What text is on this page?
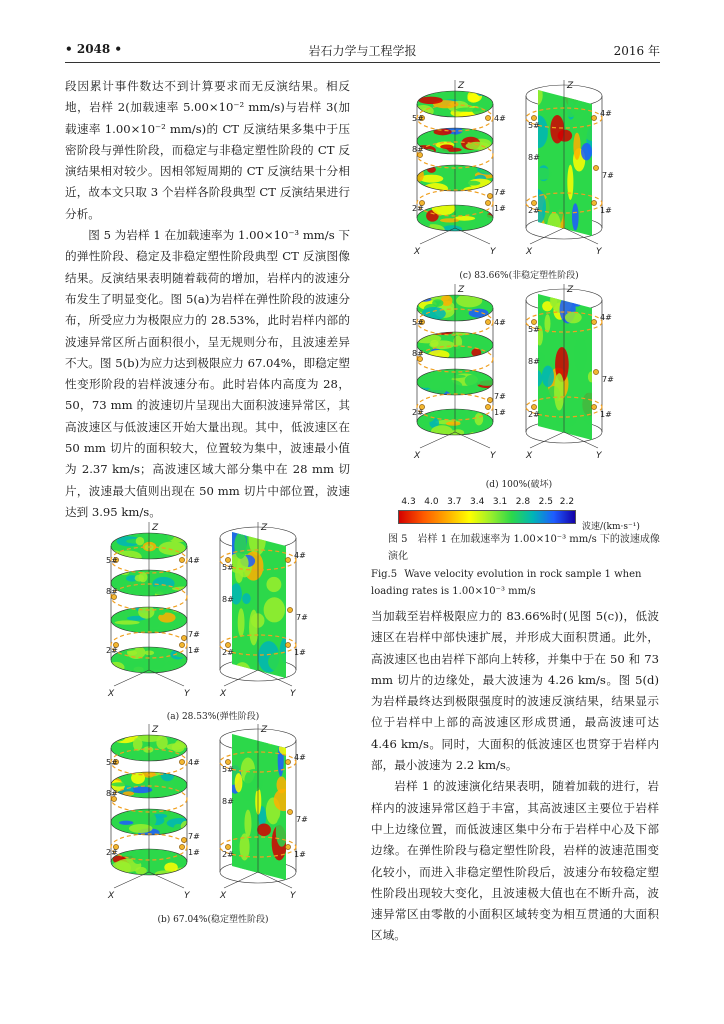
• 2048 •	岩石力学与工程学报	2016 年

段因累计事件数达不到计算要求而无反演结果。相反地，岩样 2(加载速率 5.00×10⁻² mm/s)与岩样 3(加载速率 1.00×10⁻² mm/s)的 CT 反演结果多集中于压密阶段与弹性阶段，而稳定与非稳定塑性阶段的 CT 反演结果相对较少。因相邻短周期的 CT 反演结果十分相近，故本文只取 3 个岩样各阶段典型 CT 反演结果进行分析。

图 5 为岩样 1 在加载速率为 1.00×10⁻³ mm/s 下的弹性阶段、稳定及非稳定塑性阶段典型 CT 反演图像结果。反演结果表明随着载荷的增加，岩样内的波速分布发生了明显变化。图 5(a)为岩样在弹性阶段的波速分布，所受应力为极限应力的 28.53%，此时岩样内部的波速异常区所占面积很小，呈无规则分布，且波速差异不大。图 5(b)为应力达到极限应力 67.04%，即稳定塑性变形阶段的岩样波速分布。此时岩体内高度为 28，50，73 mm 的波速切片呈现出大面积波速异常区，其高波速区与低波速区开始大量出现。其中，低波速区在 50 mm 切片的面积较大，位置较为集中，波速最小值为 2.37 km/s；高波速区域大部分集中在 28 mm 切片，波速最大值则出现在 50 mm 切片中部位置，波速达到 3.95 km/s。

当加载至岩样极限应力的 83.66%时(见图 5(c))，低波速区在岩样中部快速扩展，并形成大面积贯通。此外，高波速区也由岩样下部向上转移，并集中于在 50 和 73 mm 切片的边缘处，最大波速为 4.26 km/s。图 5(d)为岩样最终达到极限强度时的波速反演结果，结果显示位于岩样中上部的高波速区形成贯通，最高波速可达 4.46 km/s。同时，大面积的低波速区也贯穿于岩样内部，最小波速为 2.2 km/s。

岩样 1 的波速演化结果表明，随着加载的进行，岩样内的波速异常区趋于丰富，其高波速区主要位于岩样中上边缘位置，而低波速区集中分布于岩样中心及下部边缘。在弹性阶段与稳定塑性阶段，岩样的波速范围变化较小，而进入非稳定塑性阶段后，波速分布较稳定塑性阶段出现较大变化，且波速极大值也在不断升高，波速异常区由零散的小面积区域转变为相互贯通的大面积区域。

5#	4#
8#
7#
2#	1#
Z
X	Y
5#
4#
8#
7#
2#	1#
Z
X	Y
(a) 28.53%(弹性阶段)
5#	4#
8#
7#
2#	1#
Z
X	Y
5#
4#
8#
7#
2#	1#
Z
X	Y
(b) 67.04%(稳定塑性阶段)
5#	4#
8#
7#
2#	1#
Z
X	Y
5#
4#
8#
7#
2#	1#
Z
X	Y
(c) 83.66%(非稳定塑性阶段)
5#	4#
8#
7#
2#	1#
Z
X	Y
5#
4#
8#
7#
2#	1#
Z
X	Y
(d) 100%(破坏)
4.3 4.0 3.7 3.4 3.1 2.8 2.5 2.2
波速/(km·s⁻¹)
图 5　岩样 1 在加载速率为 1.00×10⁻³ mm/s 下的波速成像演化
Fig.5 Wave velocity evolution in rock sample 1 when loading rates is 1.00×10⁻³ mm/s
